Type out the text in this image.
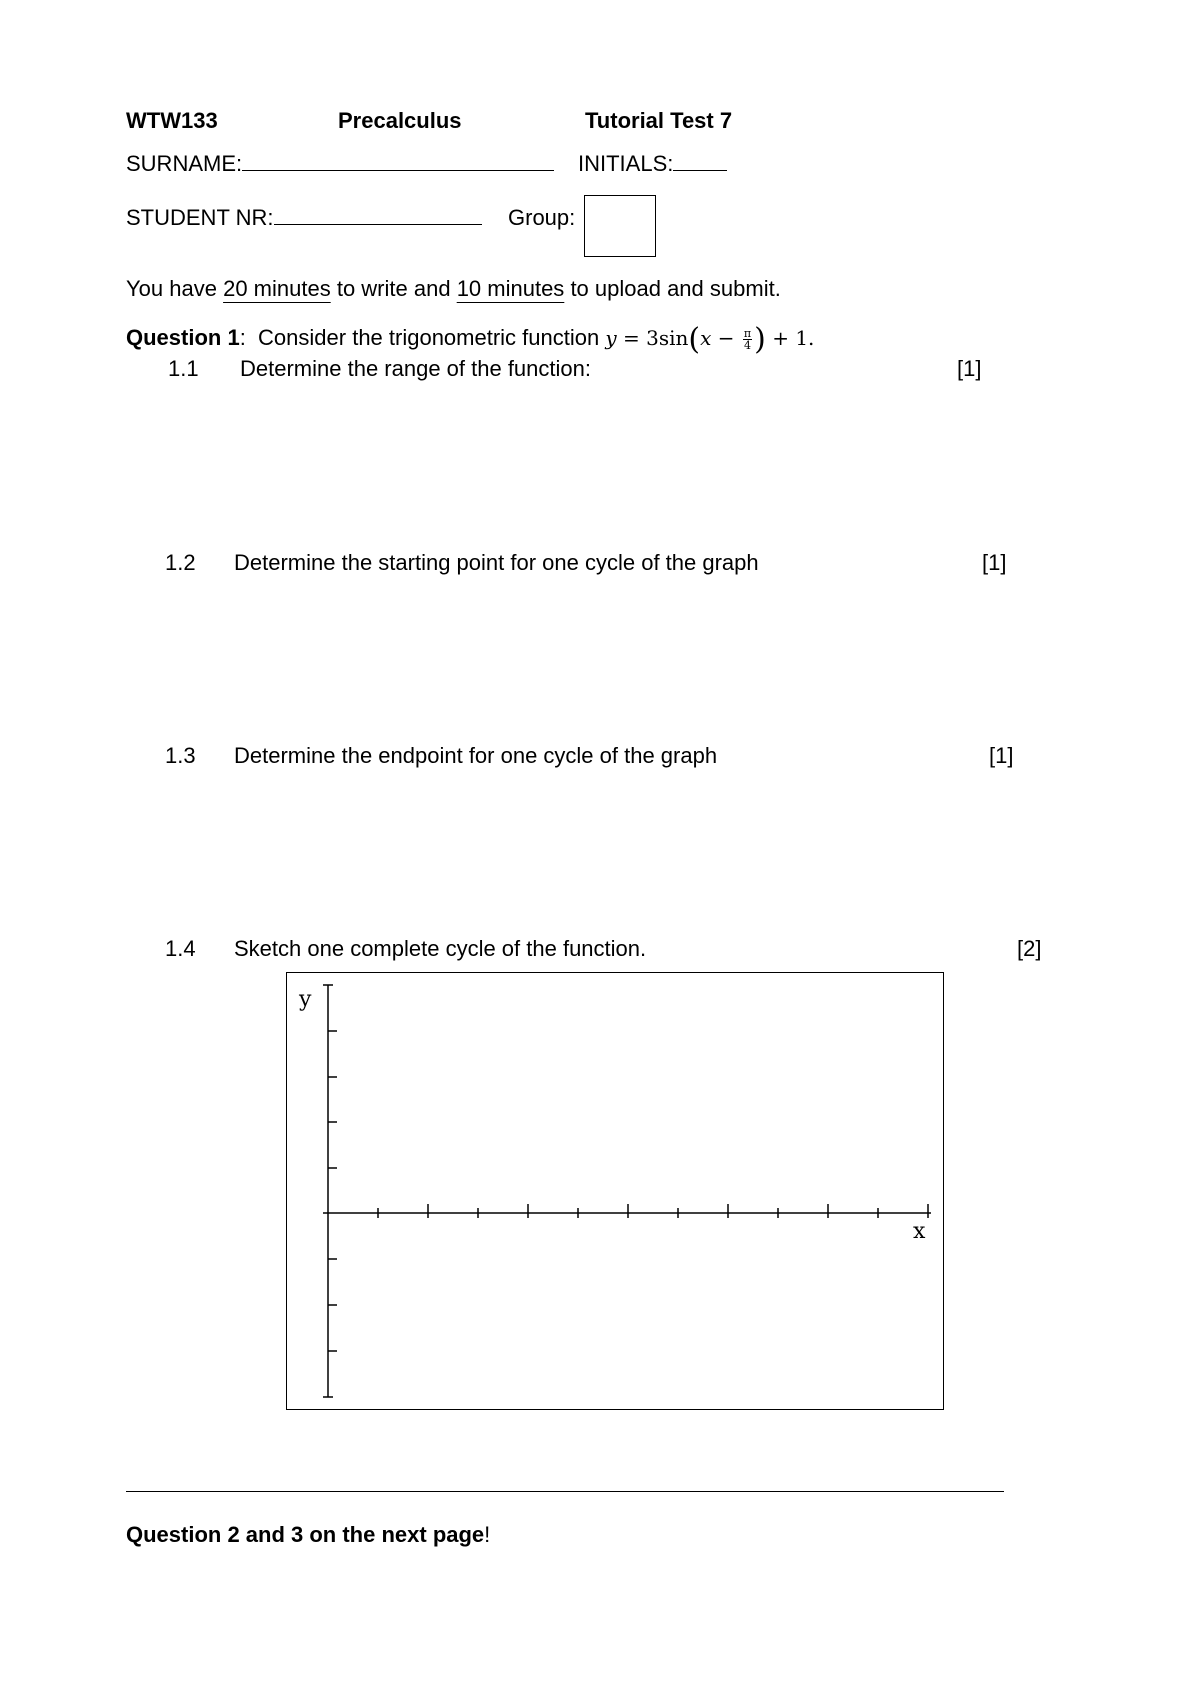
WTW133	Precalculus	Tutorial Test 7
SURNAME:	INITIALS:
STUDENT NR:	Group:
You have 20 minutes to write and 10 minutes to upload and submit.
Question 1: Consider the trigonometric function $y = 3\sin(x - \frac{\pi}{4}$ ) + 1.
1.1 Determine the range of the function:	[1]
1.2 Determine the starting point for one cycle of the graph	[1]
1.3 Determine the endpoint for one cycle of the graph	[1]
1.4 Sketch one complete cycle of the function.	[2]
y
x
Question 2 and 3 on the next page!
